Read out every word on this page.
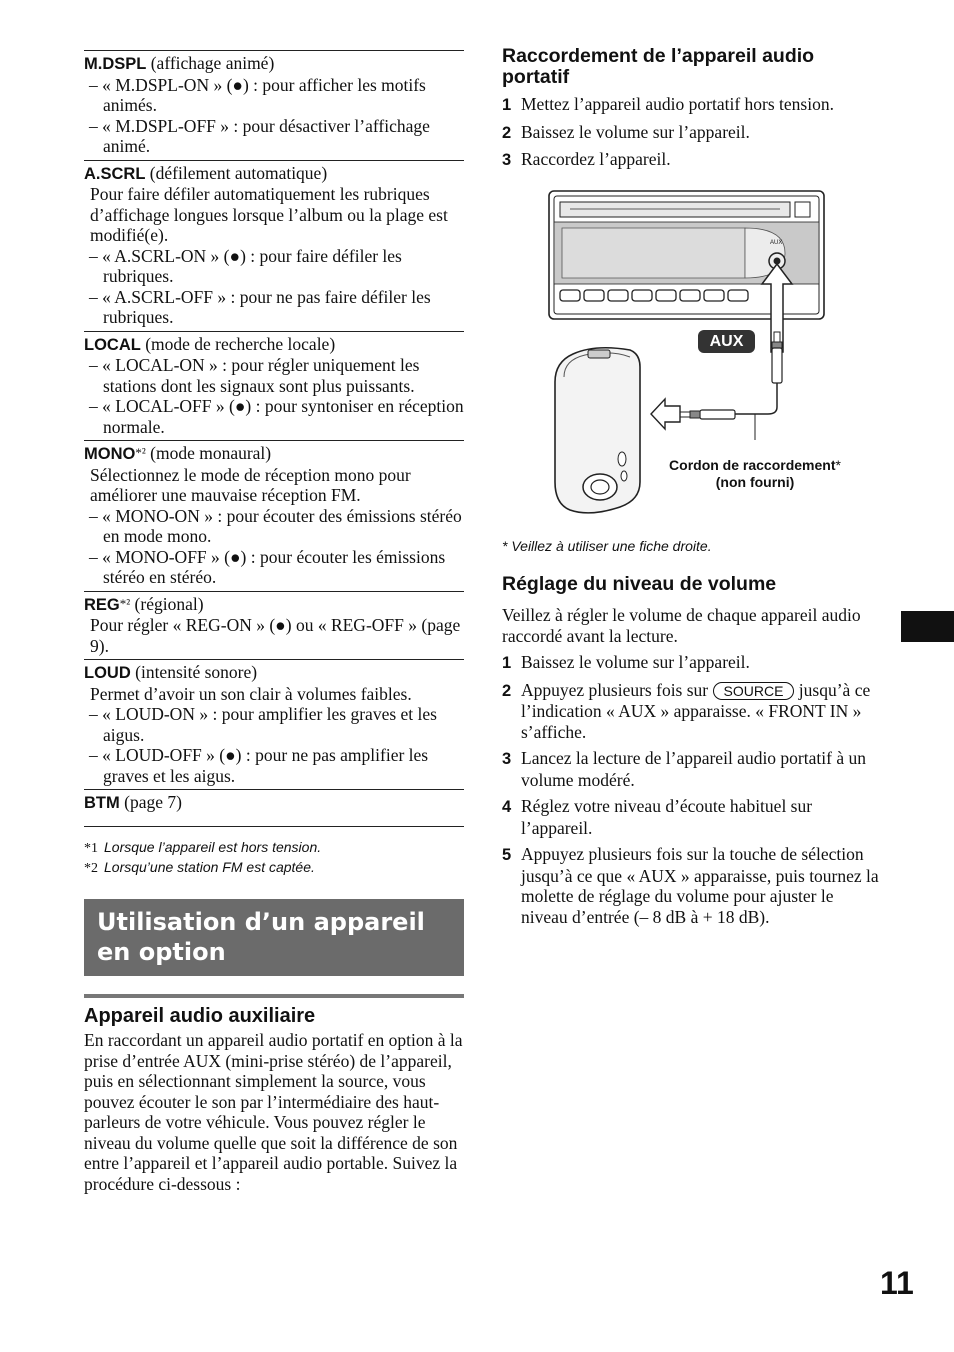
M.DSPL (affichage animé)
– « M.DSPL-ON » (●) : pour afficher les motifs animés.
– « M.DSPL-OFF » : pour désactiver l’affichage animé.
A.SCRL (défilement automatique)
Pour faire défiler automatiquement les rubriques d’affichage longues lorsque l’album ou la plage est modifié(e).
– « A.SCRL-ON » (●) : pour faire défiler les rubriques.
– « A.SCRL-OFF » : pour ne pas faire défiler les rubriques.
LOCAL (mode de recherche locale)
– « LOCAL-ON » : pour régler uniquement les stations dont les signaux sont plus puissants.
– « LOCAL-OFF » (●) : pour syntoniser en réception normale.
$MONO^{*^2}$ (mode monaural)
Sélectionnez le mode de réception mono pour améliorer une mauvaise réception FM.
– « MONO-ON » : pour écouter des émissions stéréo en mode mono.
– « MONO-OFF » (●) : pour écouter les émissions stéréo en stéréo.
$REG^{*^2}$ (régional)
Pour régler « REG-ON » (●) ou « REG-OFF » (page 9).
LOUD (intensité sonore)
Permet d’avoir un son clair à volumes faibles.
– « LOUD-ON » : pour amplifier les graves et les aigus.
– « LOUD-OFF » (●) : pour ne pas amplifier les graves et les aigus.
BTM (page 7)
*1 Lorsque l’appareil est hors tension.
*2 Lorsqu’une station FM est captée.
Utilisation d’un appareil en option
Appareil audio auxiliaire

En raccordant un appareil audio portatif en option à la prise d’entrée AUX (mini-prise stéréo) de l’appareil, puis en sélectionnant simplement la source, vous pouvez écouter le son par l’intermédiaire des haut-parleurs de votre véhicule. Vous pouvez régler le niveau du volume quelle que soit la différence de son entre l’appareil et l’appareil audio portable. Suivez la procédure ci-dessous :

Raccordement de l’appareil audio portatif
1 Mettez l’appareil audio portatif hors tension.
2 Baissez le volume sur l’appareil.
3 Raccordez l’appareil.
AUX
AUX
Cordon de raccordement*
(non fourni)
* Veillez à utiliser une fiche droite.
Réglage du niveau de volume

Veillez à régler le volume de chaque appareil audio raccordé avant la lecture.

1 Baissez le volume sur l’appareil.
2 Appuyez plusieurs fois sur SOURCE jusqu’à ce l’indication « AUX » apparaisse. « FRONT IN » s’affiche.
3 Lancez la lecture de l’appareil audio portatif à un volume modéré.
4 Réglez votre niveau d’écoute habituel sur l’appareil.
5 Appuyez plusieurs fois sur la touche de sélection jusqu’à ce que « AUX » apparaisse, puis tournez la molette de réglage du volume pour ajuster le niveau d’entrée (– 8 dB à + 18 dB).
11
